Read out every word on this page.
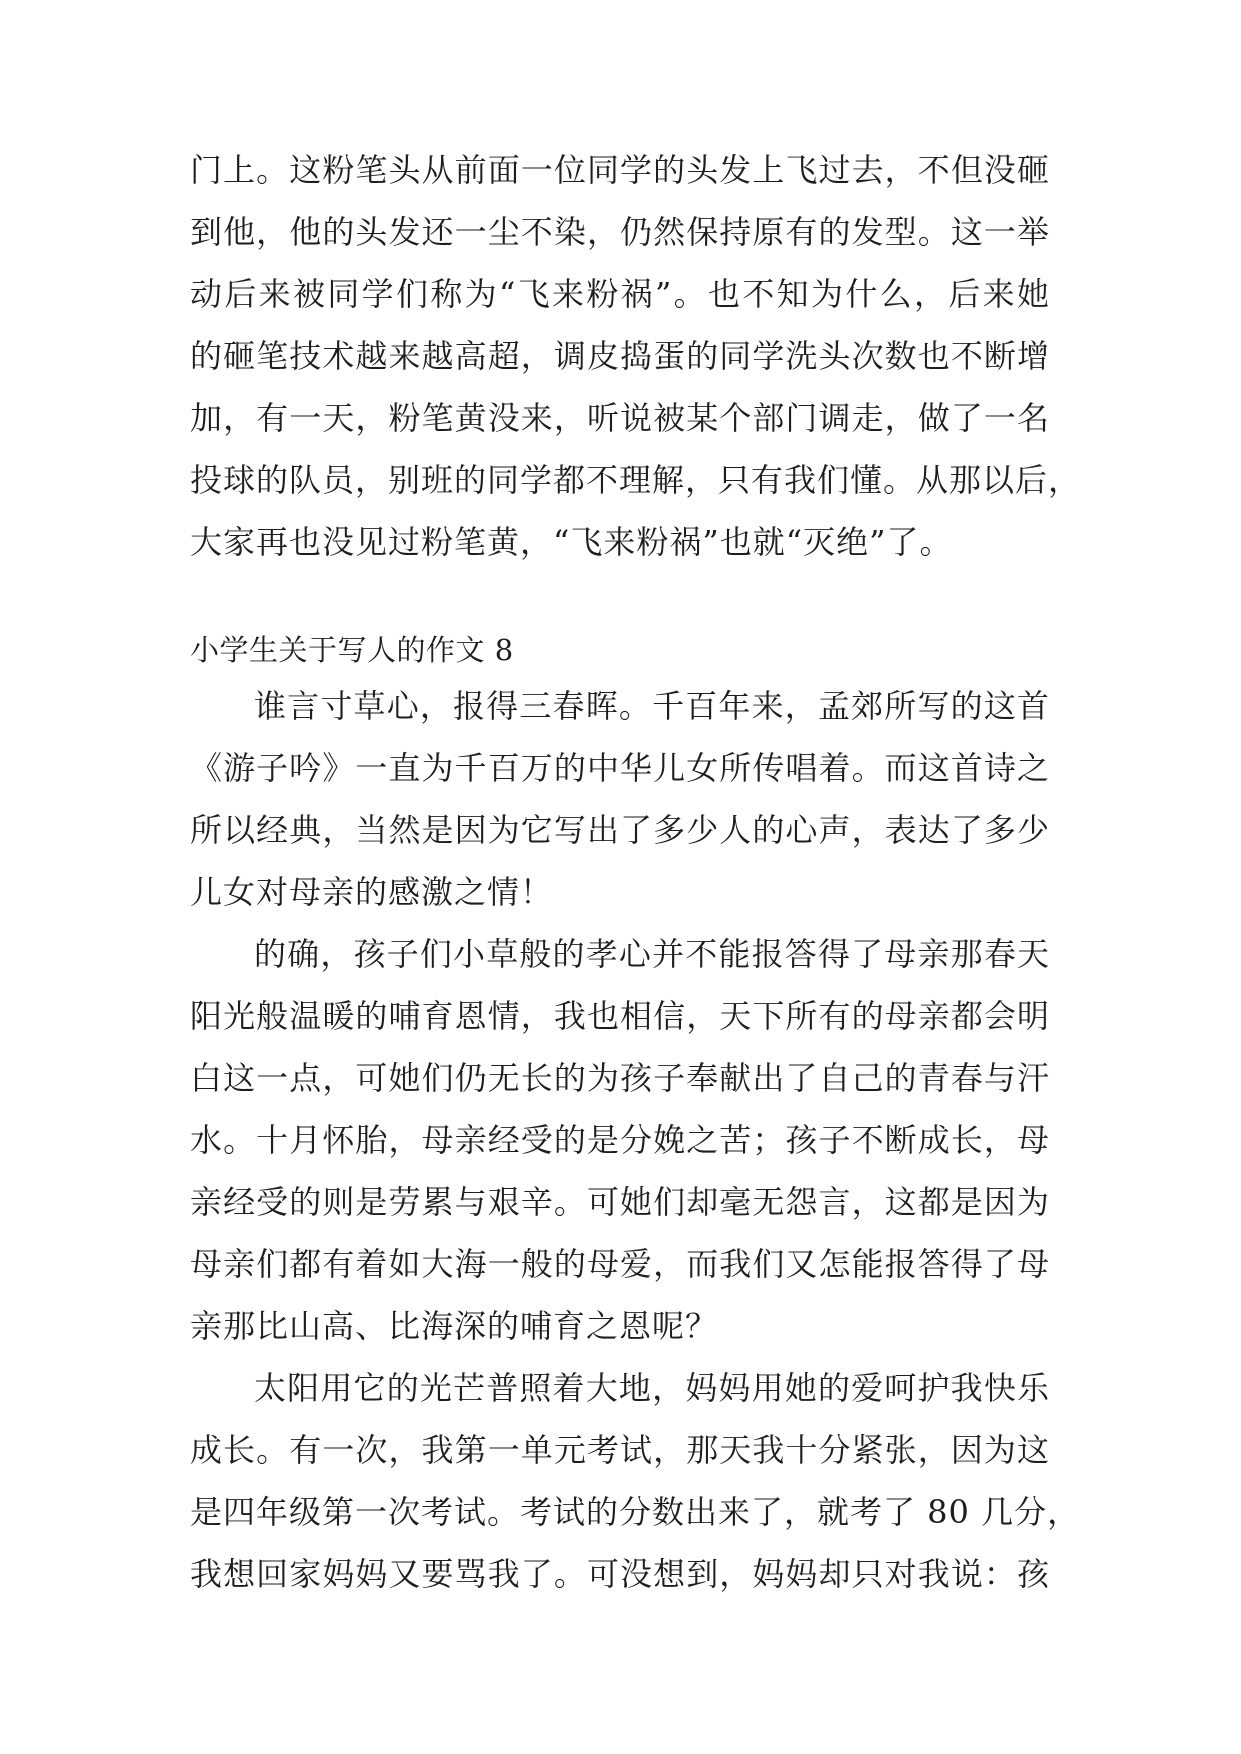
门上。这粉笔头从前面一位同学的头发上飞过去，不但没砸
到他，他的头发还一尘不染，仍然保持原有的发型。这一举
动后来被同学们称为“飞来粉祸”。也不知为什么，后来她
的砸笔技术越来越高超，调皮捣蛋的同学洗头次数也不断增
加，有一天，粉笔黄没来，听说被某个部门调走，做了一名
投球的队员，别班的同学都不理解，只有我们懂。从那以后，
大家再也没见过粉笔黄，“飞来粉祸”也就“灭绝”了。
小学生关于写人的作文 8
谁言寸草心，报得三春晖。千百年来，孟郊所写的这首
《游子吟》一直为千百万的中华儿女所传唱着。而这首诗之
所以经典，当然是因为它写出了多少人的心声，表达了多少
儿女对母亲的感激之情！
的确，孩子们小草般的孝心并不能报答得了母亲那春天
阳光般温暖的哺育恩情，我也相信，天下所有的母亲都会明
白这一点，可她们仍无长的为孩子奉献出了自己的青春与汗
水。十月怀胎，母亲经受的是分娩之苦；孩子不断成长，母
亲经受的则是劳累与艰辛。可她们却毫无怨言，这都是因为
母亲们都有着如大海一般的母爱，而我们又怎能报答得了母
亲那比山高、比海深的哺育之恩呢？
太阳用它的光芒普照着大地，妈妈用她的爱呵护我快乐
成长。有一次，我第一单元考试，那天我十分紧张，因为这
是四年级第一次考试。考试的分数出来了，就考了 80 几分，
我想回家妈妈又要骂我了。可没想到，妈妈却只对我说：孩
